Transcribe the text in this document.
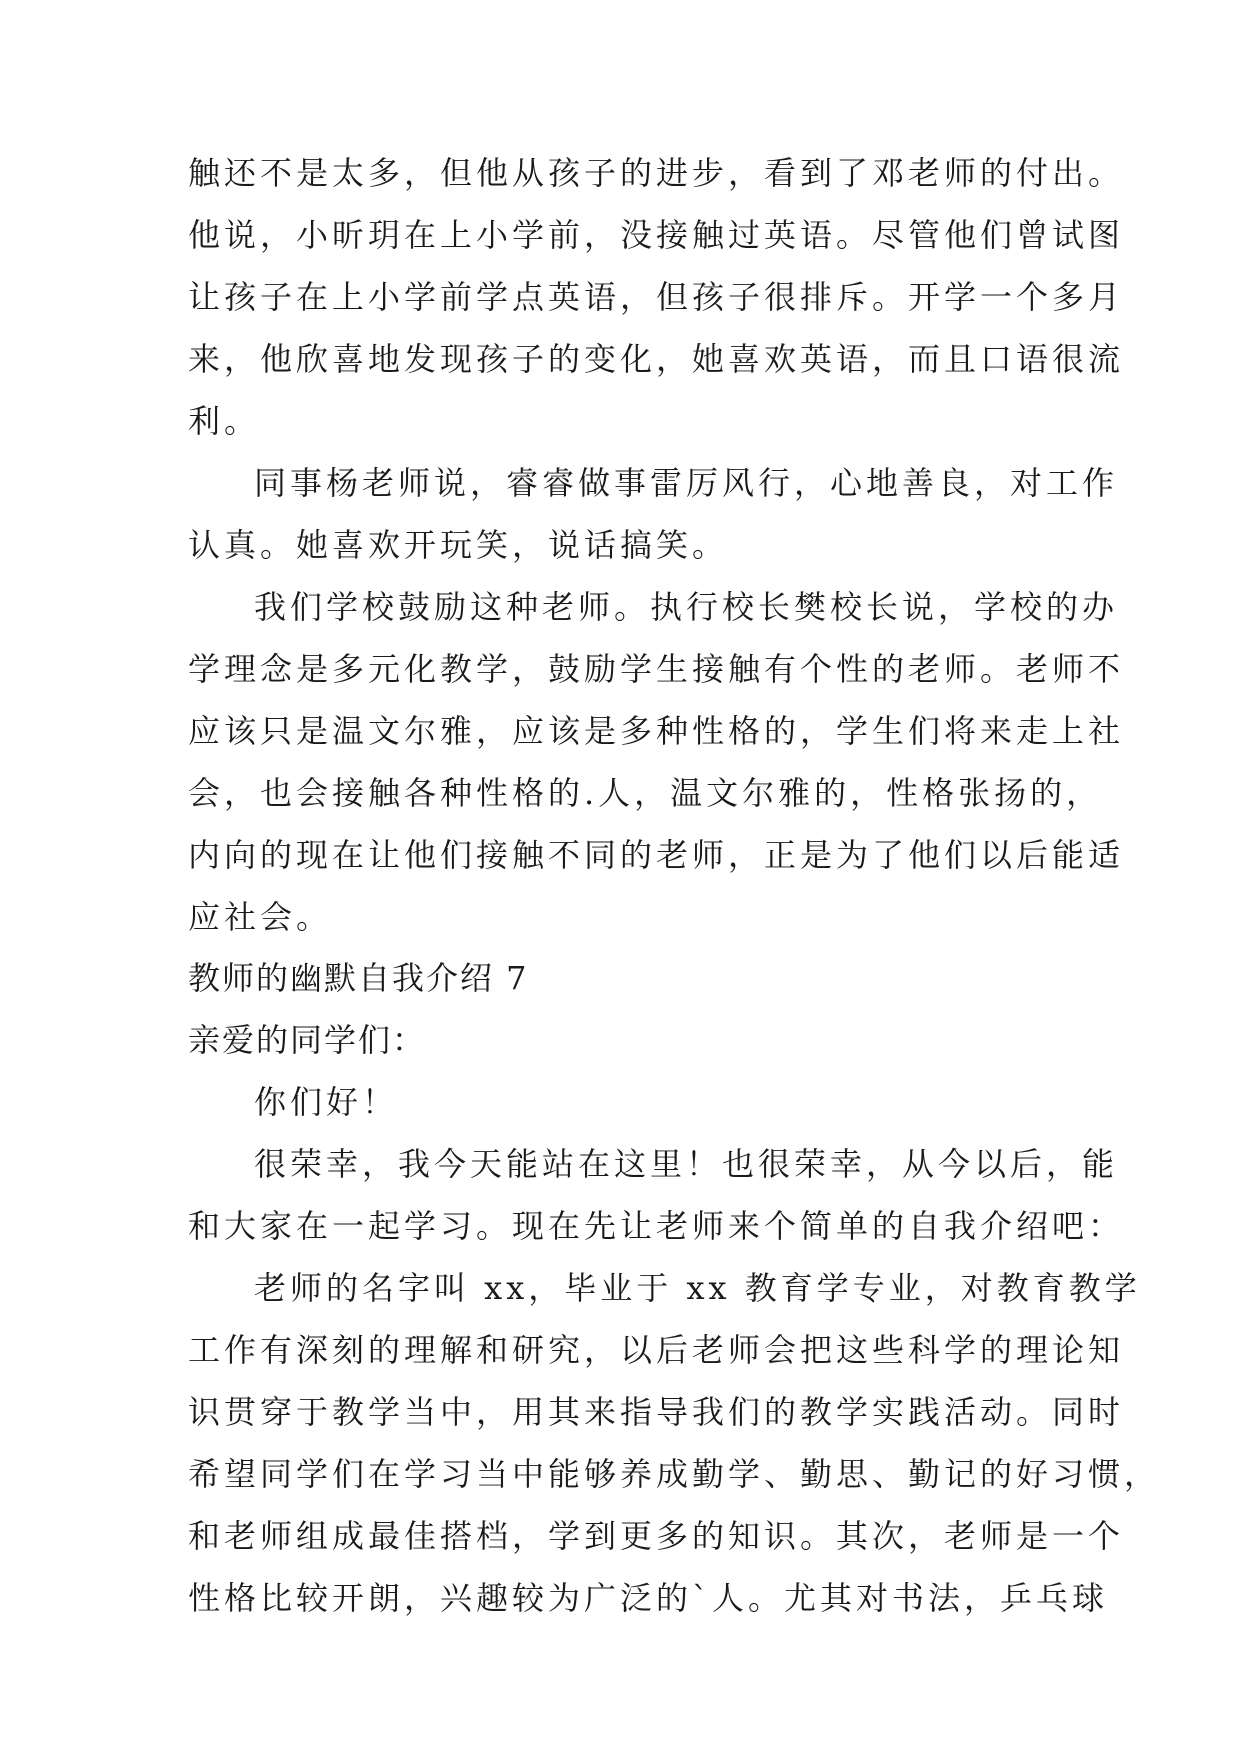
触还不是太多，但他从孩子的进步，看到了邓老师的付出。
他说，小昕玥在上小学前，没接触过英语。尽管他们曾试图
让孩子在上小学前学点英语，但孩子很排斥。开学一个多月
来，他欣喜地发现孩子的变化，她喜欢英语，而且口语很流
利。
同事杨老师说，睿睿做事雷厉风行，心地善良，对工作
认真。她喜欢开玩笑，说话搞笑。
我们学校鼓励这种老师。执行校长樊校长说，学校的办
学理念是多元化教学，鼓励学生接触有个性的老师。老师不
应该只是温文尔雅，应该是多种性格的，学生们将来走上社
会，也会接触各种性格的.人，温文尔雅的，性格张扬的，
内向的现在让他们接触不同的老师，正是为了他们以后能适
应社会。
教师的幽默自我介绍 7
亲爱的同学们：
你们好！
很荣幸，我今天能站在这里！也很荣幸，从今以后，能
和大家在一起学习。现在先让老师来个简单的自我介绍吧：
老师的名字叫 xx，毕业于 xx 教育学专业，对教育教学
工作有深刻的理解和研究，以后老师会把这些科学的理论知
识贯穿于教学当中，用其来指导我们的教学实践活动。同时
希望同学们在学习当中能够养成勤学、勤思、勤记的好习惯，
和老师组成最佳搭档，学到更多的知识。其次，老师是一个
性格比较开朗，兴趣较为广泛的`人。尤其对书法，乒乓球
